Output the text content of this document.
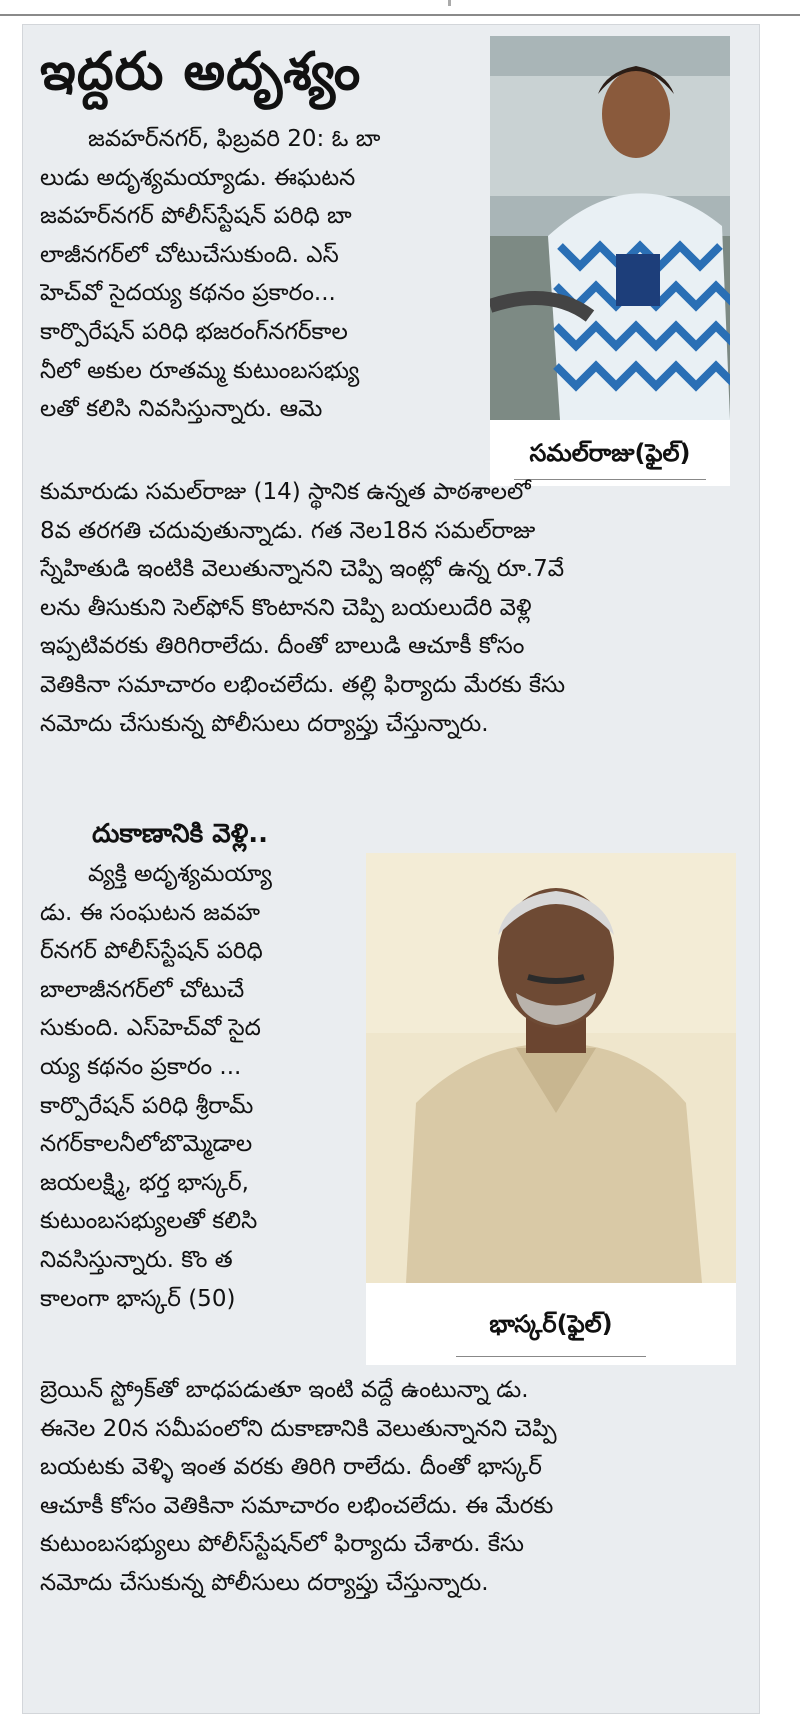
ఇద్దరు అదృశ్యం
జవహర్‌నగర్, ఫిబ్రవరి 20: ఓ బా
లుడు అదృశ్యమయ్యాడు. ఈఘటన
జవహర్‌నగర్ పోలీస్‌స్టేషన్ పరిధి బా
లాజీనగర్‌లో చోటుచేసుకుంది. ఎస్
హెచ్‌వో సైదయ్య కథనం ప్రకారం...
కార్పొరేషన్ పరిధి భజరంగ్‌నగర్‌కాల
నీలో అకుల రూతమ్మ కుటుంబసభ్యు
లతో కలిసి నివసిస్తున్నారు. ఆమె
సమల్‌రాజు(ఫైల్)
కుమారుడు సమల్‌రాజు (14) స్థానిక ఉన్నత పాఠశాలలో
8వ తరగతి చదువుతున్నాడు. గత నెల18న సమల్‌రాజు
స్నేహితుడి ఇంటికి వెలుతున్నానని చెప్పి ఇంట్లో ఉన్న రూ.7వే
లను తీసుకుని సెల్‌ఫోన్ కొంటానని చెప్పి బయలుదేరి వెళ్లి
ఇప్పటివరకు తిరిగిరాలేదు. దీంతో బాలుడి ఆచూకీ కోసం
వెతికినా సమాచారం లభించలేదు. తల్లి ఫిర్యాదు మేరకు కేసు
నమోదు చేసుకున్న పోలీసులు దర్యాప్తు చేస్తున్నారు.
దుకాణానికి వెళ్లి..
వ్యక్తి అదృశ్యమయ్యా
డు. ఈ సంఘటన జవహ
ర్‌నగర్ పోలీస్‌స్టేషన్ పరిధి
బాలాజీనగర్‌లో చోటుచే
సుకుంది. ఎస్‌హెచ్‌వో సైద
య్య కథనం ప్రకారం ...
కార్పొరేషన్ పరిధి శ్రీరామ్
నగర్‌కాలనీలోబొమ్మెడాల
జయలక్ష్మి, భర్త భాస్కర్,
కుటుంబసభ్యులతో కలిసి
నివసిస్తున్నారు. కొం త
కాలంగా భాస్కర్ (50)
భాస్కర్(ఫైల్)
బ్రెయిన్ స్ట్రోక్‌తో బాధపడుతూ ఇంటి వద్దే ఉంటున్నా డు.
ఈనెల 20న సమీపంలోని దుకాణానికి వెలుతున్నానని చెప్పి
బయటకు వెళ్ళి ఇంత వరకు తిరిగి రాలేదు. దీంతో భాస్కర్
ఆచూకీ కోసం వెతికినా సమాచారం లభించలేదు. ఈ మేరకు
కుటుంబసభ్యులు పోలీస్‌స్టేషన్‌లో ఫిర్యాదు చేశారు. కేసు
నమోదు చేసుకున్న పోలీసులు దర్యాప్తు చేస్తున్నారు.
